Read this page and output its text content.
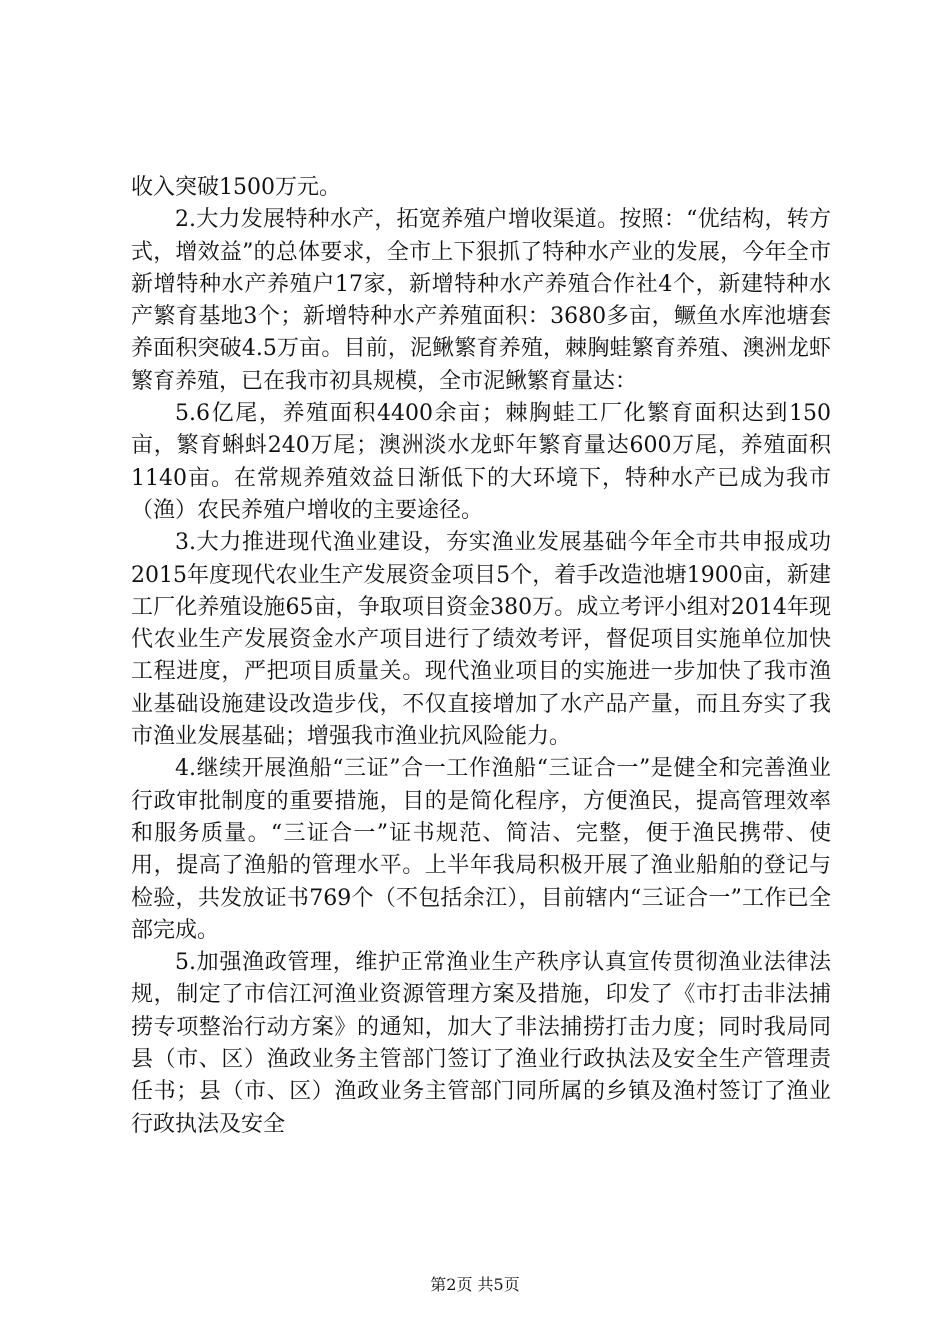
收入突破1500万元。

2.大力发展特种水产，拓宽养殖户增收渠道。按照：“优结构，转方式，增效益”的总体要求，全市上下狠抓了特种水产业的发展，今年全市新增特种水产养殖户17家，新增特种水产养殖合作社4个，新建特种水产繁育基地3个；新增特种水产养殖面积：3680多亩，鳜鱼水库池塘套养面积突破4.5万亩。目前，泥鳅繁育养殖，棘胸蛙繁育养殖、澳洲龙虾繁育养殖，已在我市初具规模，全市泥鳅繁育量达：

5.6亿尾，养殖面积4400余亩；棘胸蛙工厂化繁育面积达到150亩，繁育蝌蚪240万尾；澳洲淡水龙虾年繁育量达600万尾，养殖面积1140亩。在常规养殖效益日渐低下的大环境下，特种水产已成为我市（渔）农民养殖户增收的主要途径。

3.大力推进现代渔业建设，夯实渔业发展基础今年全市共申报成功2015年度现代农业生产发展资金项目5个，着手改造池塘1900亩，新建工厂化养殖设施65亩，争取项目资金380万。成立考评小组对2014年现代农业生产发展资金水产项目进行了绩效考评，督促项目实施单位加快工程进度，严把项目质量关。现代渔业项目的实施进一步加快了我市渔业基础设施建设改造步伐，不仅直接增加了水产品产量，而且夯实了我市渔业发展基础；增强我市渔业抗风险能力。

4.继续开展渔船“三证”合一工作渔船“三证合一”是健全和完善渔业行政审批制度的重要措施，目的是简化程序，方便渔民，提高管理效率和服务质量。“三证合一”证书规范、简洁、完整，便于渔民携带、使用，提高了渔船的管理水平。上半年我局积极开展了渔业船舶的登记与检验，共发放证书769个（不包括余江），目前辖内“三证合一”工作已全部完成。

5.加强渔政管理，维护正常渔业生产秩序认真宣传贯彻渔业法律法规，制定了市信江河渔业资源管理方案及措施，印发了《市打击非法捕捞专项整治行动方案》的通知，加大了非法捕捞打击力度；同时我局同县（市、区）渔政业务主管部门签订了渔业行政执法及安全生产管理责任书；县（市、区）渔政业务主管部门同所属的乡镇及渔村签订了渔业行政执法及安全

第2页 共5页
